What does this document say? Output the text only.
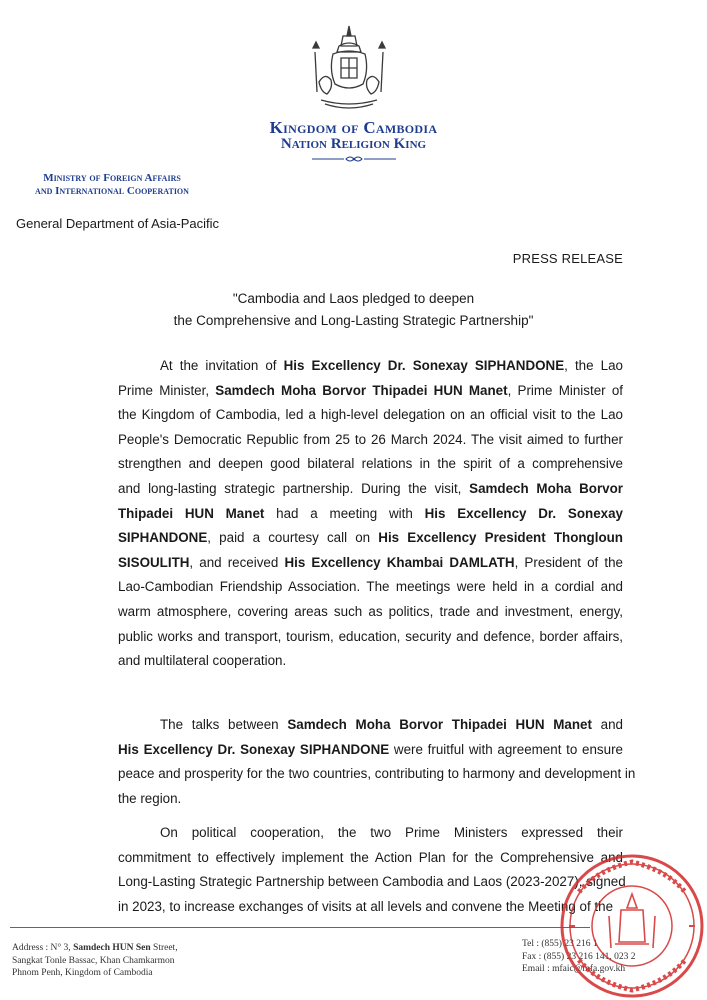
Kingdom of Cambodia
Nation Religion King
Ministry of Foreign Affairs
and International Cooperation
General Department of Asia-Pacific
PRESS RELEASE
"Cambodia and Laos pledged to deepen
the Comprehensive and Long-Lasting Strategic Partnership"
At the invitation of His Excellency Dr. Sonexay SIPHANDONE, the Lao
Prime Minister, Samdech Moha Borvor Thipadei HUN Manet, Prime Minister of
the Kingdom of Cambodia, led a high-level delegation on an official visit to the Lao
People's Democratic Republic from 25 to 26 March 2024. The visit aimed to further
strengthen and deepen good bilateral relations in the spirit of a comprehensive
and long-lasting strategic partnership. During the visit, Samdech Moha Borvor
Thipadei HUN Manet had a meeting with His Excellency Dr. Sonexay
SIPHANDONE, paid a courtesy call on His Excellency President Thongloun
SISOULITH, and received His Excellency Khambai DAMLATH, President of the
Lao-Cambodian Friendship Association. The meetings were held in a cordial and
warm atmosphere, covering areas such as politics, trade and investment, energy,
public works and transport, tourism, education, security and defence, border affairs,
and multilateral cooperation.
The talks between Samdech Moha Borvor Thipadei HUN Manet and
His Excellency Dr. Sonexay SIPHANDONE were fruitful with agreement to ensure
peace and prosperity for the two countries, contributing to harmony and development in
the region.
On political cooperation, the two Prime Ministers expressed their
commitment to effectively implement the Action Plan for the Comprehensive and
Long-Lasting Strategic Partnership between Cambodia and Laos (2023-2027), signed
in 2023, to increase exchanges of visits at all levels and convene the Meeting of the
Address : N° 3, Samdech HUN Sen Street,
Sangkat Tonle Bassac, Khan Chamkarmon
Phnom Penh, Kingdom of Cambodia
Tel : (855) 23 216 1
Fax : (855) 23 216 141, 023 2
Email : mfaic@mfa.gov.kh
